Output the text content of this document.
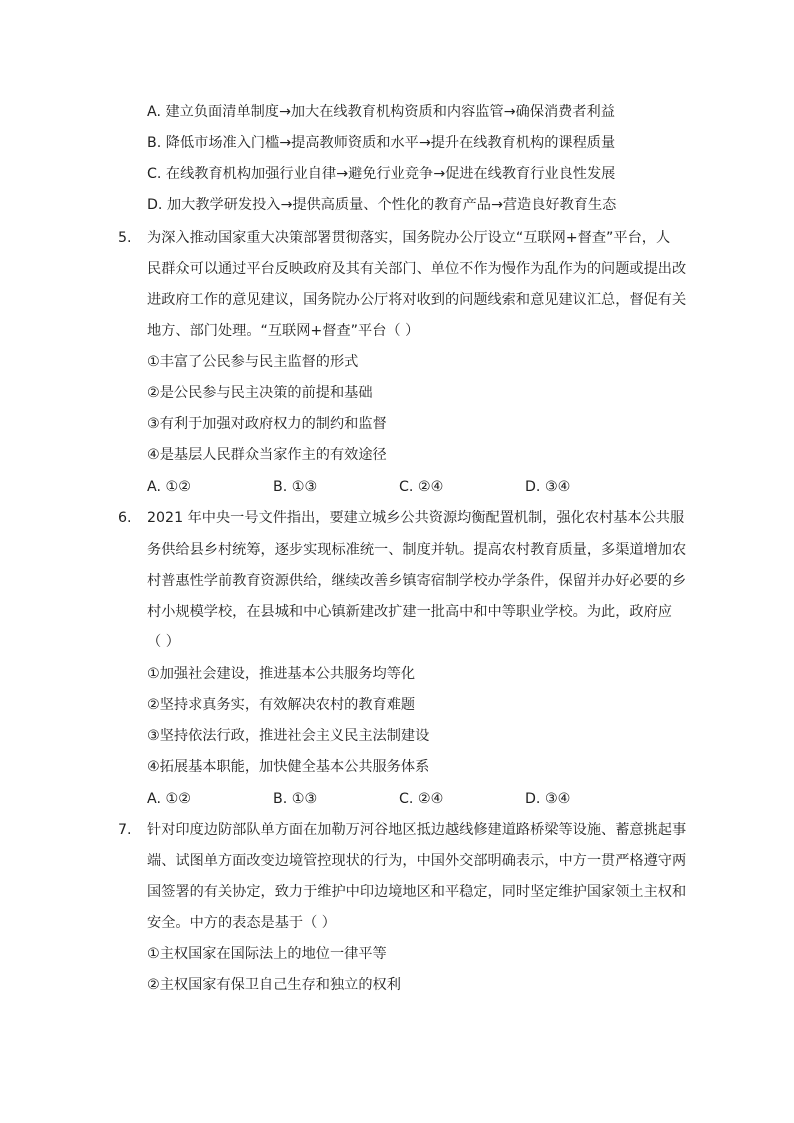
A. 建立负面清单制度→加大在线教育机构资质和内容监管→确保消费者利益
B. 降低市场准入门槛→提高教师资质和水平→提升在线教育机构的课程质量
C. 在线教育机构加强行业自律→避免行业竞争→促进在线教育行业良性发展
D. 加大教学研发投入→提供高质量、个性化的教育产品→营造良好教育生态
5. 为深入推动国家重大决策部署贯彻落实，国务院办公厅设立“互联网+督查”平台，人
民群众可以通过平台反映政府及其有关部门、单位不作为慢作为乱作为的问题或提出改
进政府工作的意见建议，国务院办公厅将对收到的问题线索和意见建议汇总，督促有关
地方、部门处理。“互联网+督查”平台（ ）
①丰富了公民参与民主监督的形式
②是公民参与民主决策的前提和基础
③有利于加强对政府权力的制约和监督
④是基层人民群众当家作主的有效途径
A. ①②	B. ①③	C. ②④	D. ③④
6. 2021 年中央一号文件指出，要建立城乡公共资源均衡配置机制，强化农村基本公共服
务供给县乡村统筹，逐步实现标准统一、制度并轨。提高农村教育质量，多渠道增加农
村普惠性学前教育资源供给，继续改善乡镇寄宿制学校办学条件，保留并办好必要的乡
村小规模学校，在县城和中心镇新建改扩建一批高中和中等职业学校。为此，政府应
（ ）
①加强社会建设，推进基本公共服务均等化
②坚持求真务实，有效解决农村的教育难题
③坚持依法行政，推进社会主义民主法制建设
④拓展基本职能，加快健全基本公共服务体系
A. ①②	B. ①③	C. ②④	D. ③④
7. 针对印度边防部队单方面在加勒万河谷地区抵边越线修建道路桥梁等设施、蓄意挑起事
端、试图单方面改变边境管控现状的行为，中国外交部明确表示，中方一贯严格遵守两
国签署的有关协定，致力于维护中印边境地区和平稳定，同时坚定维护国家领土主权和
安全。中方的表态是基于（ ）
①主权国家在国际法上的地位一律平等
②主权国家有保卫自己生存和独立的权利
